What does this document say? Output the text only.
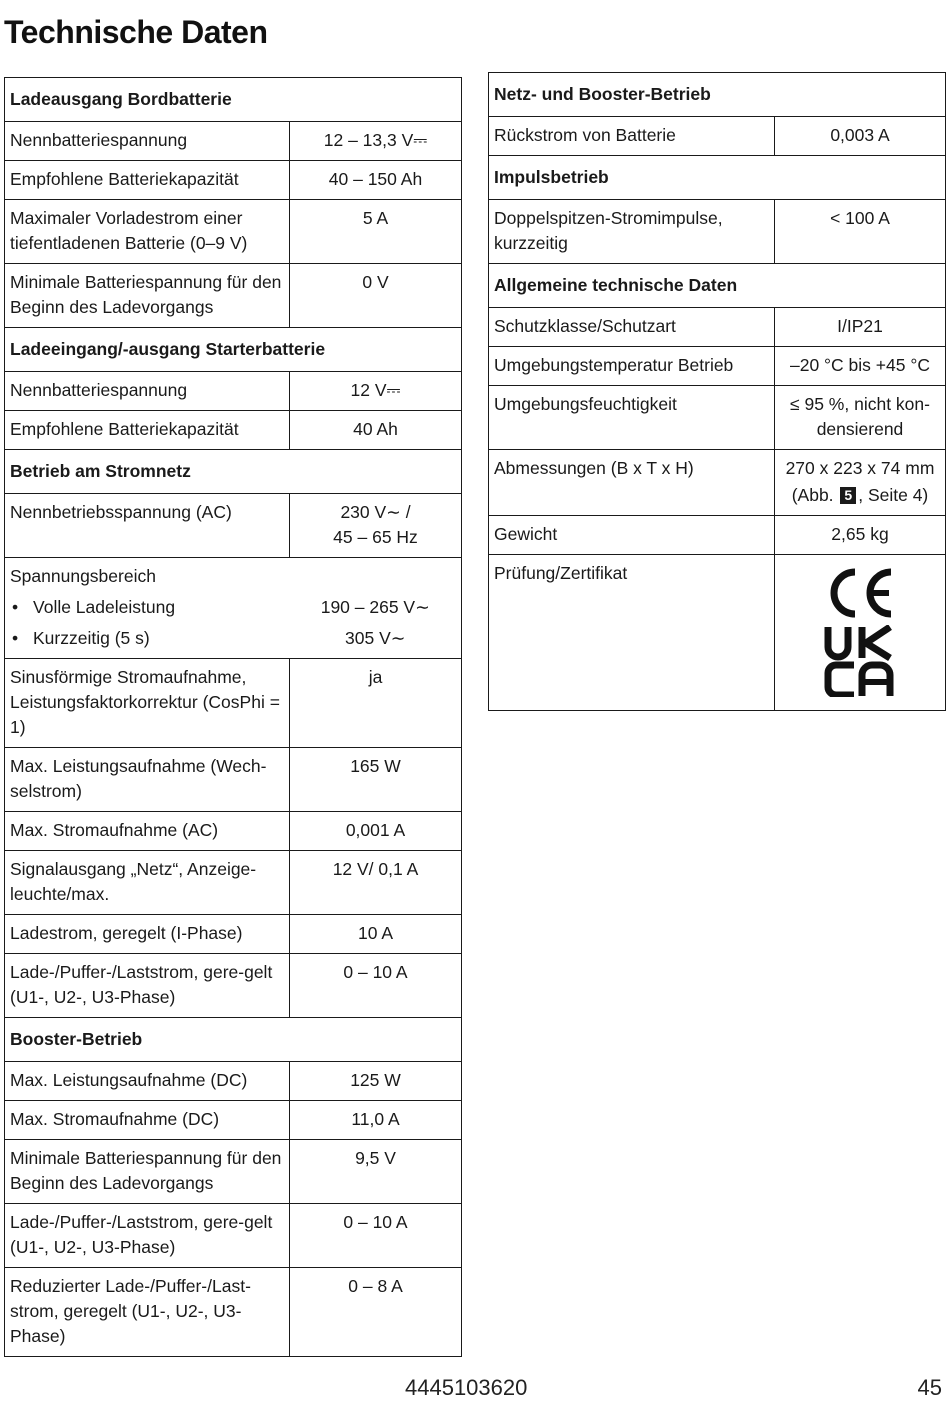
Technische Daten
Ladeausgang Bordbatterie	
Nennbatteriespannung	12 – 13,3 V⎓
Empfohlene Batteriekapazität	40 – 150 Ah
Maximaler Vorladestrom einer tiefentladenen Batterie (0–9 V)	5 A
Minimale Batteriespannung für den Beginn des Ladevorgangs	0 V
Ladeeingang/-ausgang Starterbatterie	
Nennbatteriespannung	12 V⎓
Empfohlene Batteriekapazität	40 Ah
Betrieb am Stromnetz	
Nennbetriebsspannung (AC)	230 V∼ /
45 – 65 Hz
Spannungsbereich	
• Volle Ladeleistung	190 – 265 V∼
• Kurzzeitig (5 s)	305 V∼
Sinusförmige Stromaufnahme, Leistungsfaktorkorrektur (CosPhi = 1)	ja
Max. Leistungsaufnahme (Wech-selstrom)	165 W
Max. Stromaufnahme (AC)	0,001 A
Signalausgang „Netz“, Anzeige-leuchte/max.	12 V/ 0,1 A
Ladestrom, geregelt (I-Phase)	10 A
Lade-/Puffer-/Laststrom, gere-gelt (U1-, U2-, U3-Phase)	0 – 10 A
Booster-Betrieb	
Max. Leistungsaufnahme (DC)	125 W
Max. Stromaufnahme (DC)	11,0 A
Minimale Batteriespannung für den Beginn des Ladevorgangs	9,5 V
Lade-/Puffer-/Laststrom, gere-gelt (U1-, U2-, U3-Phase)	0 – 10 A
Reduzierter Lade-/Puffer-/Last-strom, geregelt (U1-, U2-, U3-Phase)	0 – 8 A
Netz- und Booster-Betrieb	
Rückstrom von Batterie	0,003 A
Impulsbetrieb	
Doppelspitzen-Stromimpulse, kurzzeitig	< 100 A
Allgemeine technische Daten	
Schutzklasse/Schutzart	I/IP21
Umgebungstemperatur Betrieb	–20 °C bis +45 °C
Umgebungsfeuchtigkeit	≤ 95 %, nicht kon-densierend
Abmessungen (B x T x H)	270 x 223 x 74 mm
(Abb. 5 , Seite 4)

Gewicht	2,65 kg
Prüfung/Zertifikat	
4445103620	45
